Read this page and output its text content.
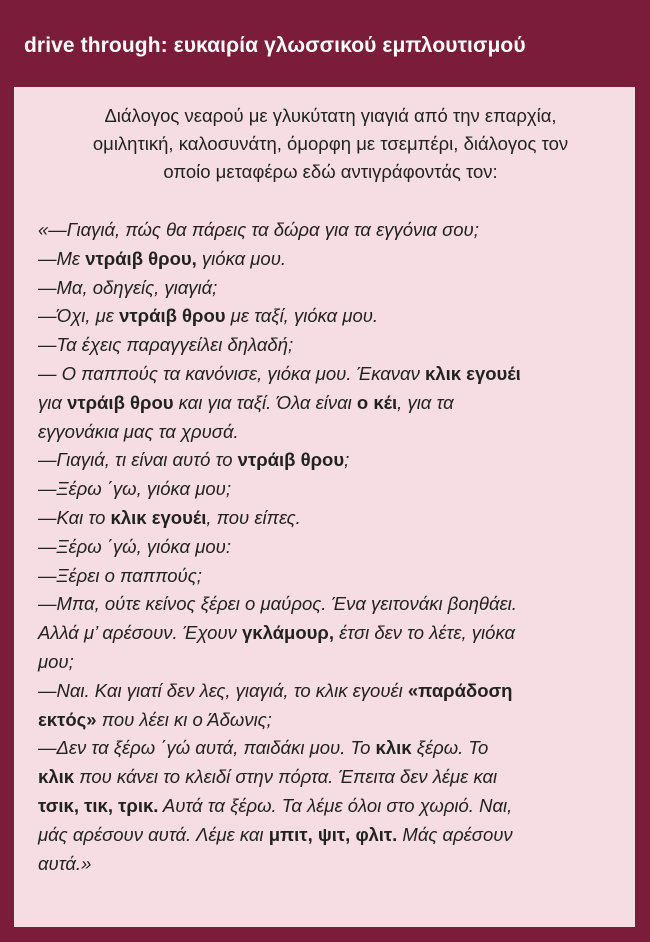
drive through: ευκαιρία γλωσσικού εμπλουτισμού

Διάλογος νεαρού με γλυκύτατη γιαγιά από την επαρχία,
ομιλητική, καλοσυνάτη, όμορφη με τσεμπέρι, διάλογος τον
οποίο μεταφέρω εδώ αντιγράφοντάς τον:

«—Γιαγιά, πώς θα πάρεις τα δώρα για τα εγγόνια σου;
—Με ντράιβ θρου, γιόκα μου.
—Μα, οδηγείς, γιαγιά;
—Όχι, με ντράιβ θρου με ταξί, γιόκα μου.
—Τα έχεις παραγγείλει δηλαδή;
— Ο παππούς τα κανόνισε, γιόκα μου. Έκαναν κλικ εγουέι
για ντράιβ θρου και για ταξί. Όλα είναι ο κέι, για τα
εγγονάκια μας τα χρυσά.
—Γιαγιά, τι είναι αυτό το ντράιβ θρου;
—Ξέρω ΄γω, γιόκα μου;
—Και το κλικ εγουέι, που είπες.
—Ξέρω ΄γώ, γιόκα μου:
—Ξέρει ο παππούς;
—Μπα, ούτε κείνος ξέρει ο μαύρος. Ένα γειτονάκι βοηθάει.
Αλλά μ’ αρέσουν. Έχουν γκλάμουρ, έτσι δεν το λέτε, γιόκα
μου;
—Ναι. Και γιατί δεν λες, γιαγιά, το κλικ εγουέι «παράδοση
εκτός» που λέει κι ο Άδωνις;
—Δεν τα ξέρω ΄γώ αυτά, παιδάκι μου. Το κλικ ξέρω. Το
κλικ που κάνει το κλειδί στην πόρτα. Έπειτα δεν λέμε και
τσικ, τικ, τρικ. Αυτά τα ξέρω. Τα λέμε όλοι στο χωριό. Ναι,
μάς αρέσουν αυτά. Λέμε και μπιτ, ψιτ, φλιτ. Μάς αρέσουν
αυτά.»
